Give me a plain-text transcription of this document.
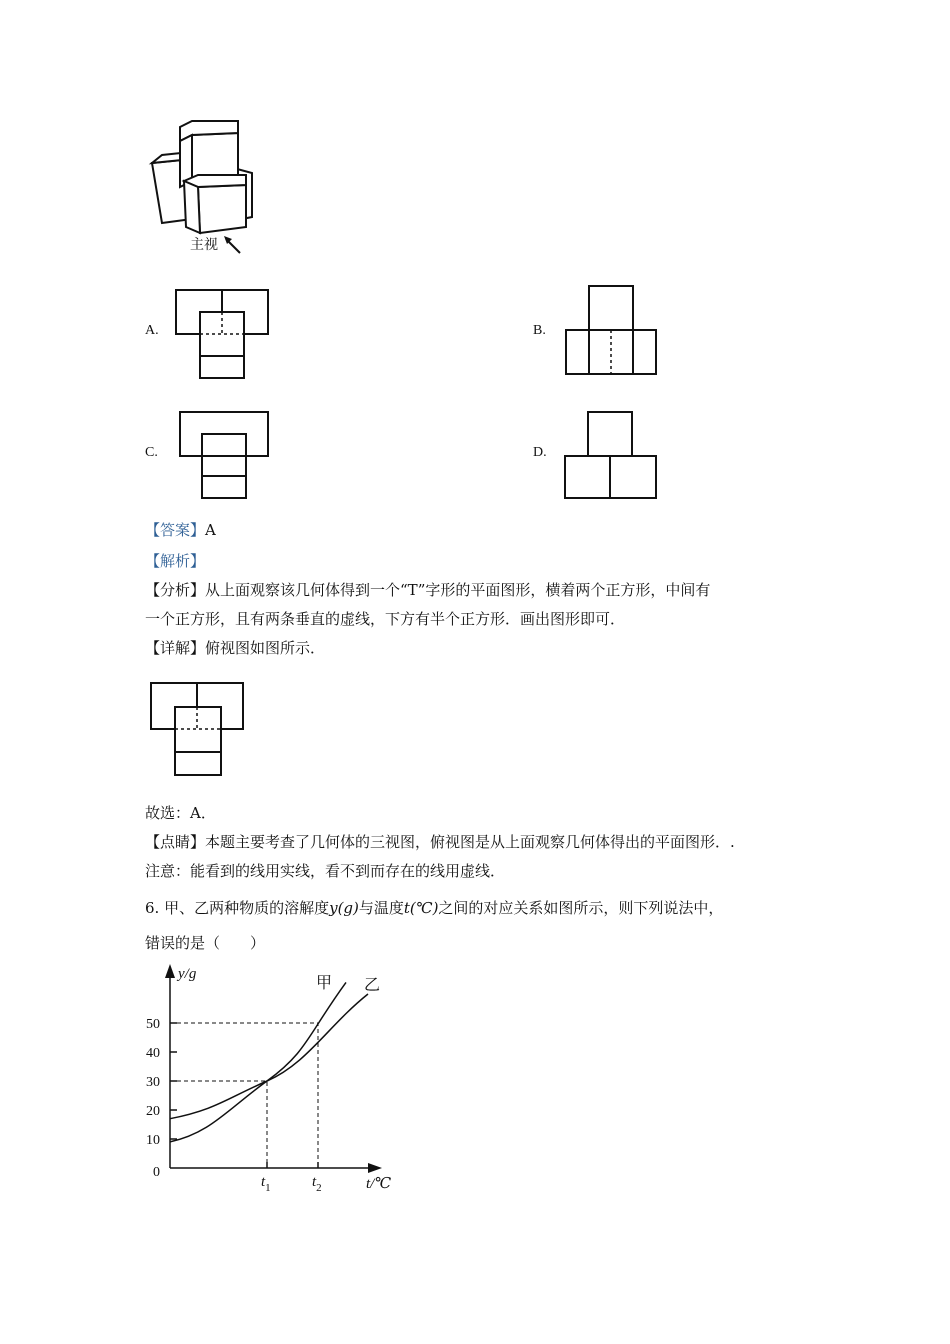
主视
A.	B.
C.	D.
【答案】A
【解析】
【分析】从上面观察该几何体得到一个“T”字形的平面图形，横着两个正方形，中间有
一个正方形，且有两条垂直的虚线，下方有半个正方形．画出图形即可．
【详解】俯视图如图所示．
故选：A．
【点睛】本题主要考查了几何体的三视图，俯视图是从上面观察几何体得出的平面图形．.
注意：能看到的线用实线，看不到而存在的线用虚线．
6. 甲、乙两种物质的溶解度y(g)与温度t(℃)之间的对应关系如图所示，则下列说法中，
错误的是（　　）
y/g
t/℃
50
40
30
20
10
0
$t_1$	$t_2$
甲 乙
